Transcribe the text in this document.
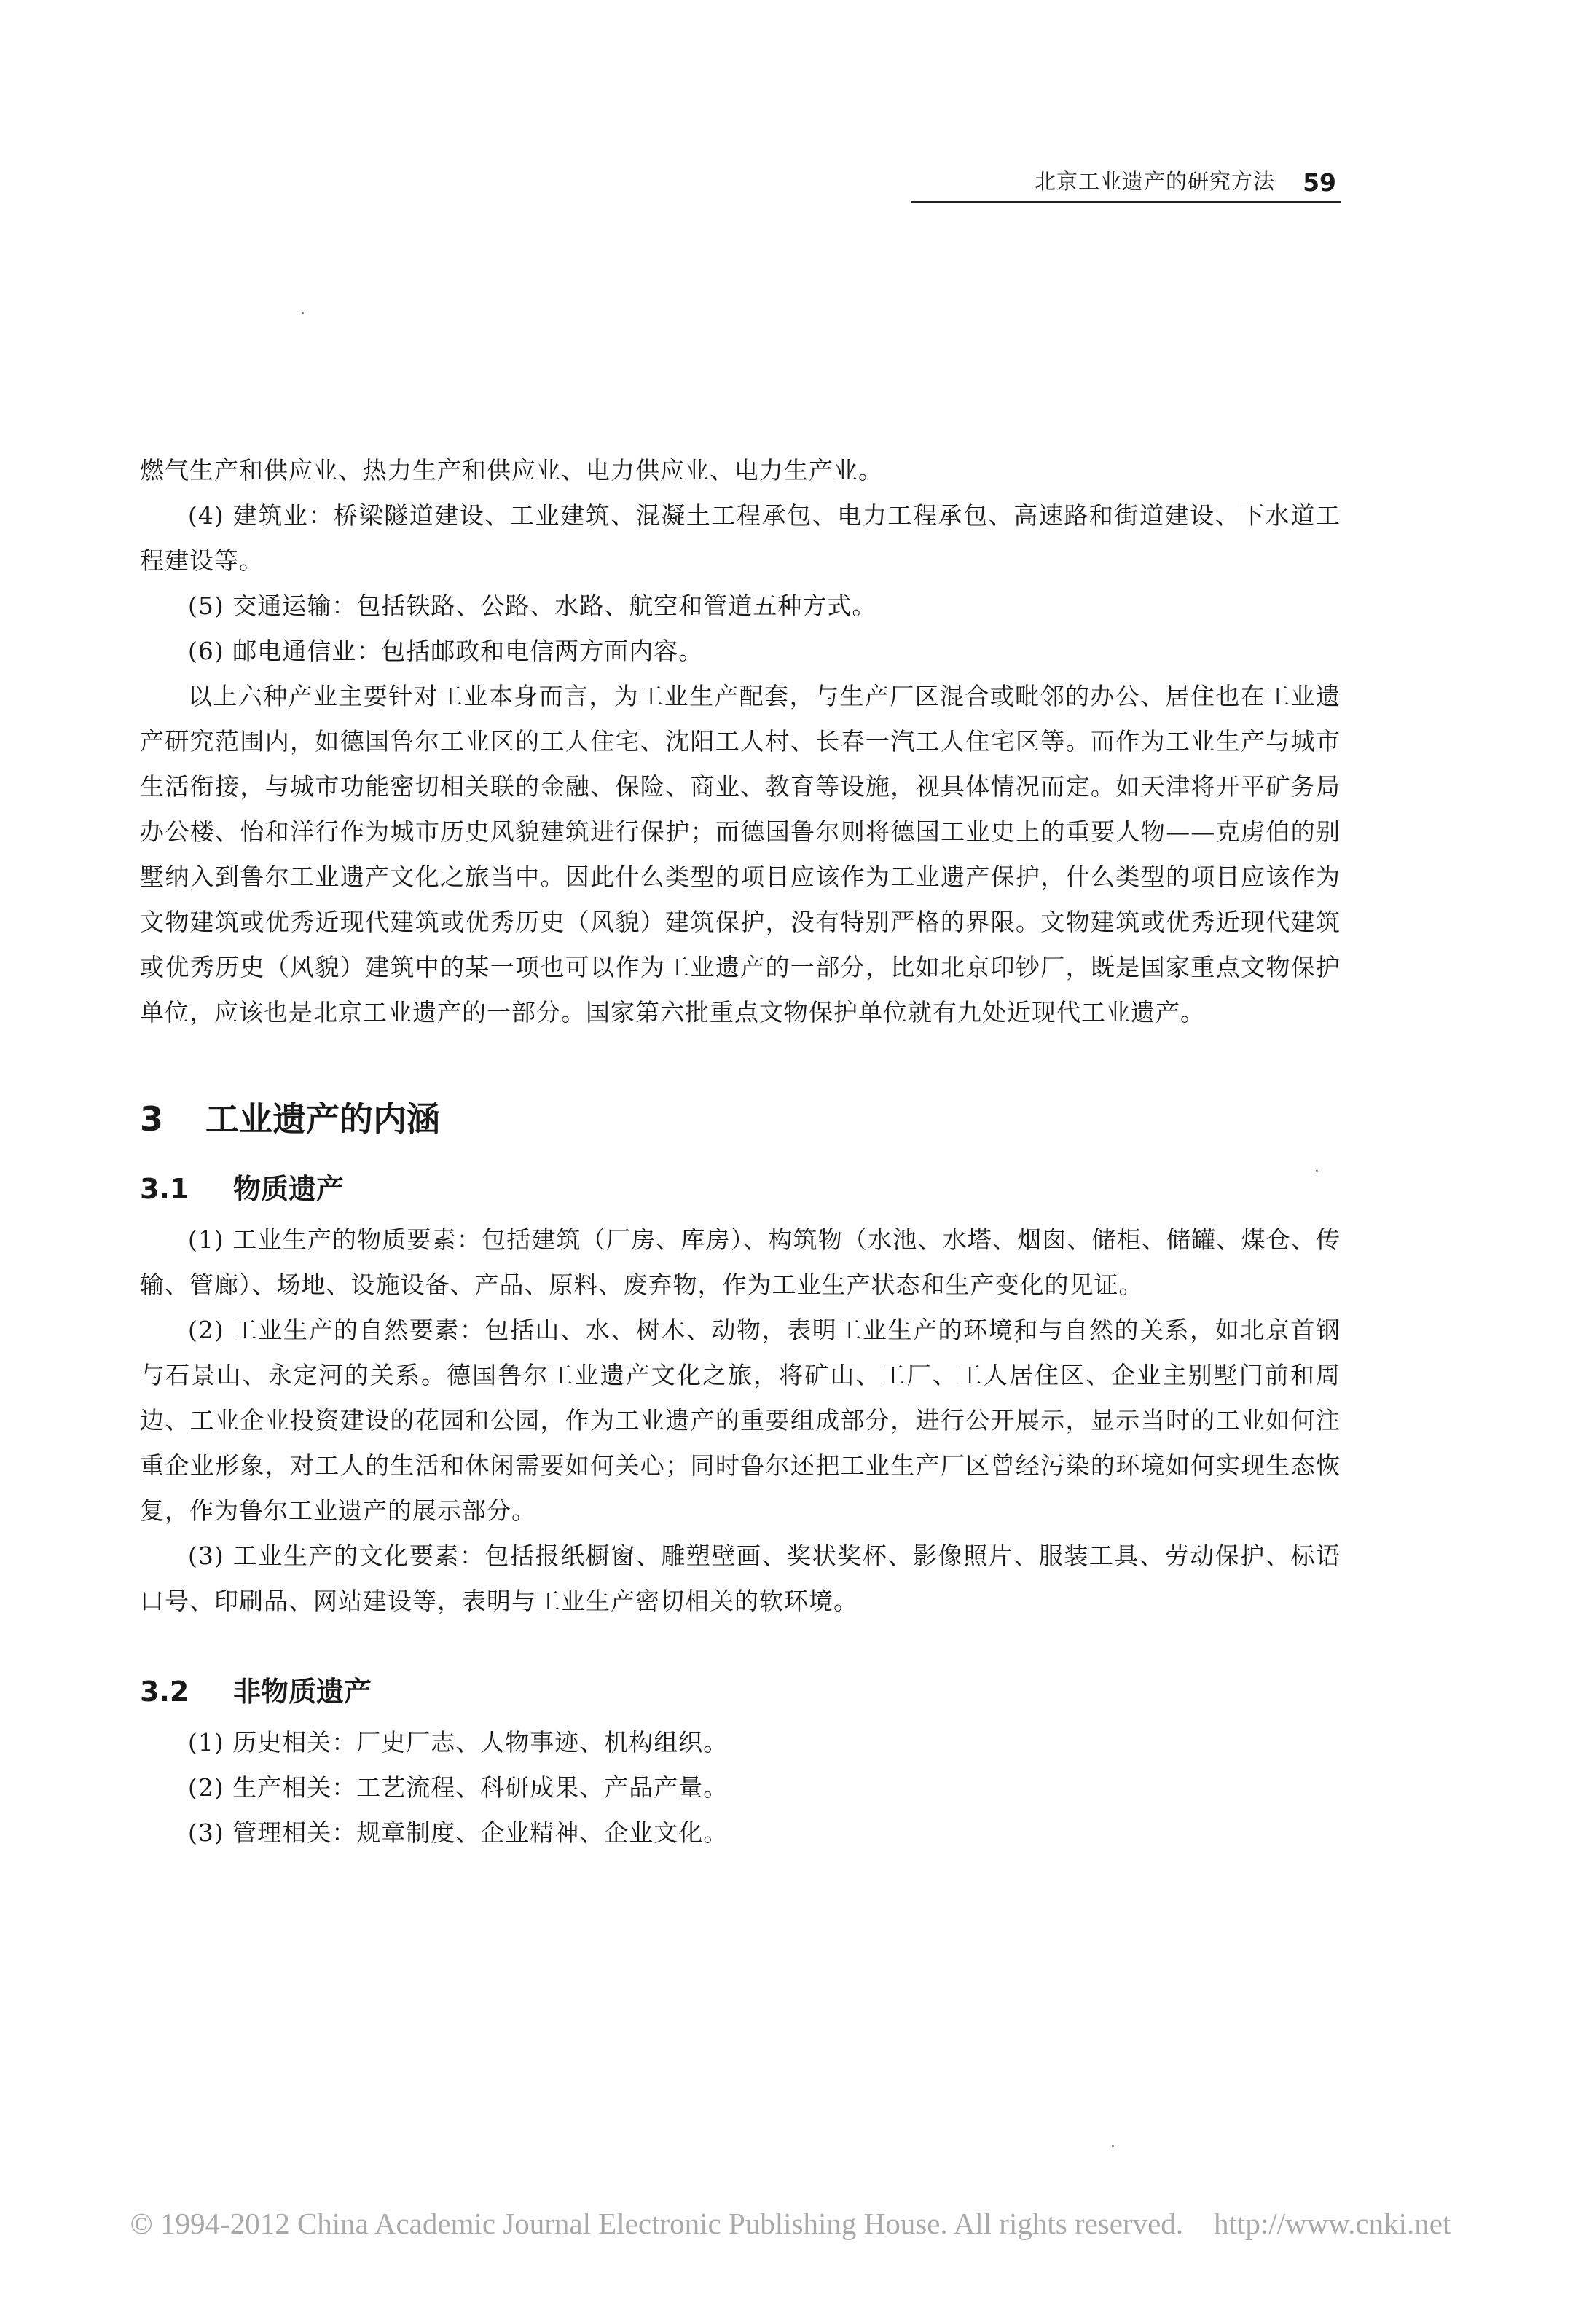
北京工业遗产的研究方法 59

燃气生产和供应业、热力生产和供应业、电力供应业、电力生产业。

(4) 建筑业：桥梁隧道建设、工业建筑、混凝土工程承包、电力工程承包、高速路和街道建设、下水道工程建设等。

(5) 交通运输：包括铁路、公路、水路、航空和管道五种方式。

(6) 邮电通信业：包括邮政和电信两方面内容。

以上六种产业主要针对工业本身而言，为工业生产配套，与生产厂区混合或毗邻的办公、居住也在工业遗产研究范围内，如德国鲁尔工业区的工人住宅、沈阳工人村、长春一汽工人住宅区等。而作为工业生产与城市生活衔接，与城市功能密切相关联的金融、保险、商业、教育等设施，视具体情况而定。如天津将开平矿务局办公楼、怡和洋行作为城市历史风貌建筑进行保护；而德国鲁尔则将德国工业史上的重要人物——克虏伯的别墅纳入到鲁尔工业遗产文化之旅当中。因此什么类型的项目应该作为工业遗产保护，什么类型的项目应该作为文物建筑或优秀近现代建筑或优秀历史（风貌）建筑保护，没有特别严格的界限。文物建筑或优秀近现代建筑或优秀历史（风貌）建筑中的某一项也可以作为工业遗产的一部分，比如北京印钞厂，既是国家重点文物保护单位，应该也是北京工业遗产的一部分。国家第六批重点文物保护单位就有九处近现代工业遗产。

3 工业遗产的内涵
3.1 物质遗产

(1) 工业生产的物质要素：包括建筑（厂房、库房）、构筑物（水池、水塔、烟囱、储柜、储罐、煤仓、传输、管廊）、场地、设施设备、产品、原料、废弃物，作为工业生产状态和生产变化的见证。

(2) 工业生产的自然要素：包括山、水、树木、动物，表明工业生产的环境和与自然的关系，如北京首钢与石景山、永定河的关系。德国鲁尔工业遗产文化之旅，将矿山、工厂、工人居住区、企业主别墅门前和周边、工业企业投资建设的花园和公园，作为工业遗产的重要组成部分，进行公开展示，显示当时的工业如何注重企业形象，对工人的生活和休闲需要如何关心；同时鲁尔还把工业生产厂区曾经污染的环境如何实现生态恢复，作为鲁尔工业遗产的展示部分。

(3) 工业生产的文化要素：包括报纸橱窗、雕塑壁画、奖状奖杯、影像照片、服装工具、劳动保护、标语口号、印刷品、网站建设等，表明与工业生产密切相关的软环境。

3.2 非物质遗产

(1) 历史相关：厂史厂志、人物事迹、机构组织。

(2) 生产相关：工艺流程、科研成果、产品产量。

(3) 管理相关：规章制度、企业精神、企业文化。

© 1994-2012 China Academic Journal Electronic Publishing House. All rights reserved. http://www.cnki.net
